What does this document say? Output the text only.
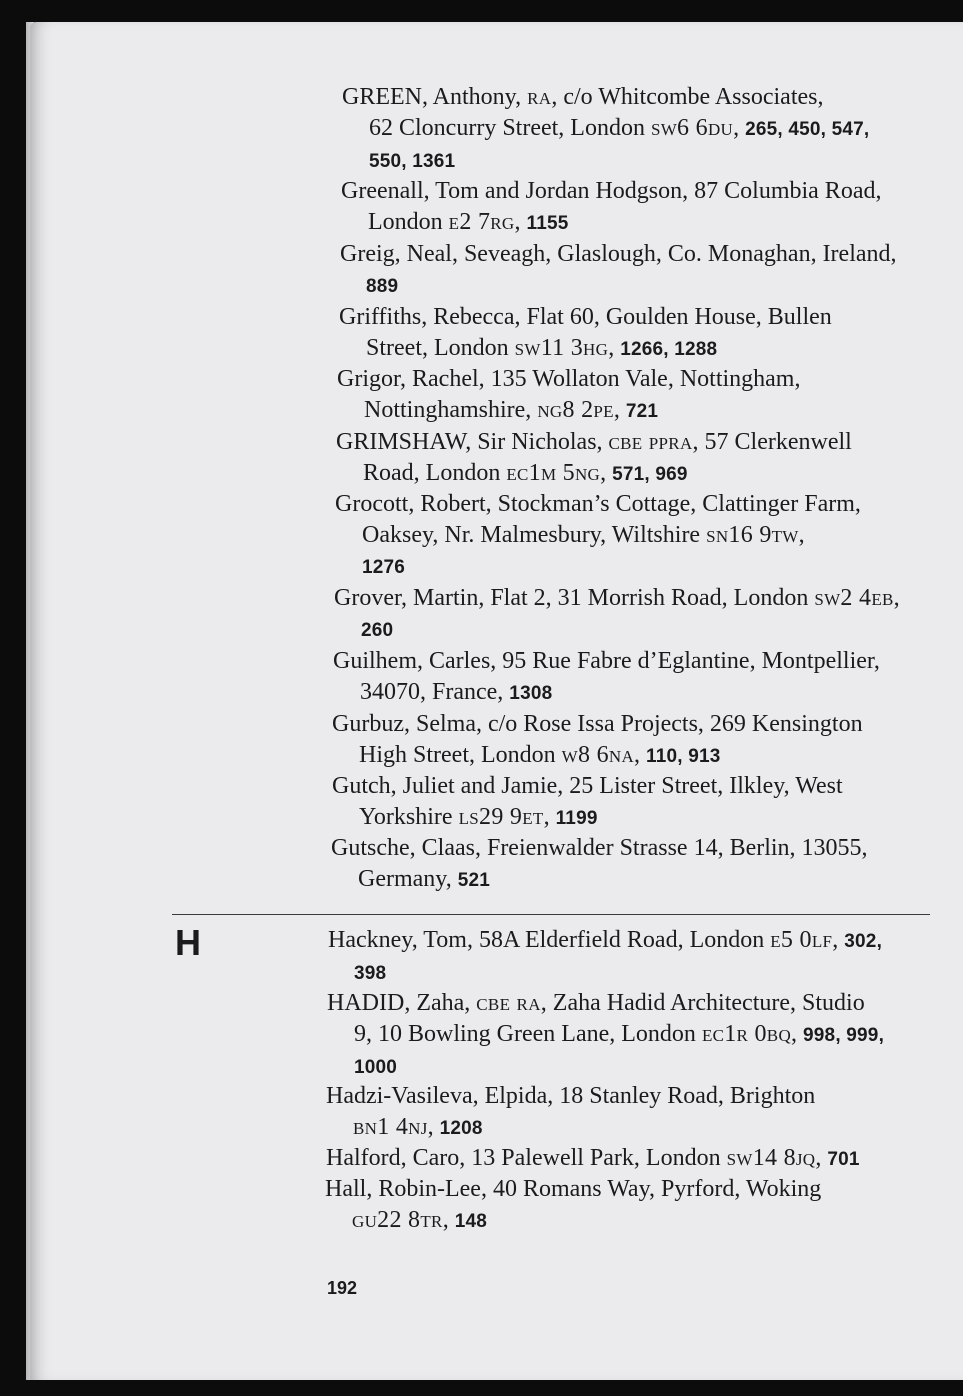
GREEN, Anthony, ra, c/o Whitcombe Associates,
62 Cloncurry Street, London sw6 6du, 265, 450, 547,
550, 1361
Greenall, Tom and Jordan Hodgson, 87 Columbia Road,
London e2 7rg, 1155
Greig, Neal, Seveagh, Glaslough, Co. Monaghan, Ireland,
889
Griffiths, Rebecca, Flat 60, Goulden House, Bullen
Street, London sw11 3hg, 1266, 1288
Grigor, Rachel, 135 Wollaton Vale, Nottingham,
Nottinghamshire, ng8 2pe, 721
GRIMSHAW, Sir Nicholas, cbe ppra, 57 Clerkenwell
Road, London ec1m 5ng, 571, 969
Grocott, Robert, Stockman’s Cottage, Clattinger Farm,
Oaksey, Nr. Malmesbury, Wiltshire sn16 9tw,
1276
Grover, Martin, Flat 2, 31 Morrish Road, London sw2 4eb,
260
Guilhem, Carles, 95 Rue Fabre d’Eglantine, Montpellier,
34070, France, 1308
Gurbuz, Selma, c/o Rose Issa Projects, 269 Kensington
High Street, London w8 6na, 110, 913
Gutch, Juliet and Jamie, 25 Lister Street, Ilkley, West
Yorkshire ls29 9et, 1199
Gutsche, Claas, Freienwalder Strasse 14, Berlin, 13055,
Germany, 521
H	Hackney, Tom, 58A Elderfield Road, London e5 0lf, 302,
398
HADID, Zaha, cbe ra, Zaha Hadid Architecture, Studio
9, 10 Bowling Green Lane, London ec1r 0bq, 998, 999,
1000
Hadzi-Vasileva, Elpida, 18 Stanley Road, Brighton
bn1 4nj, 1208
Halford, Caro, 13 Palewell Park, London sw14 8jq, 701
Hall, Robin-Lee, 40 Romans Way, Pyrford, Woking
gu22 8tr, 148
192
